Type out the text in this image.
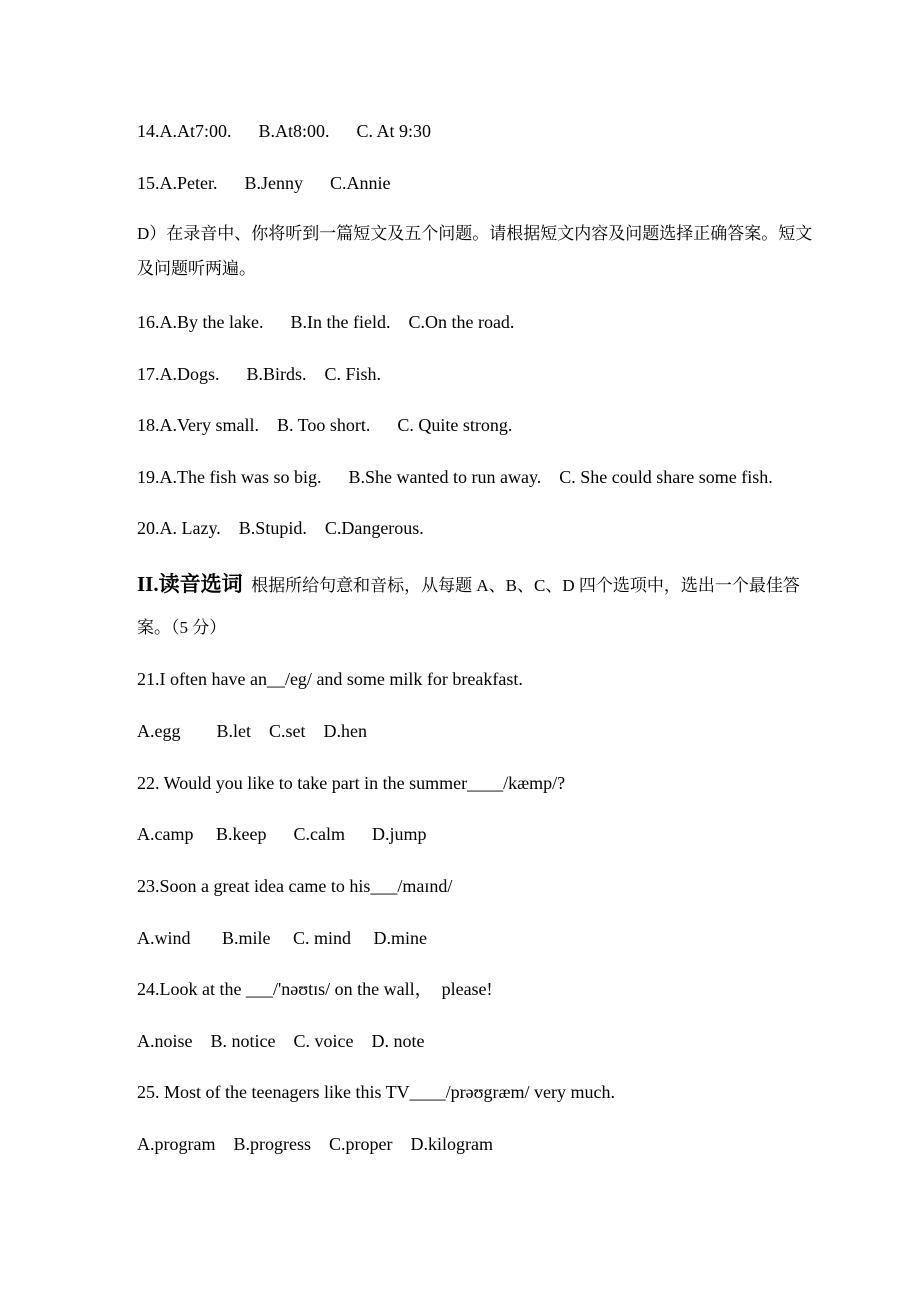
14.A.At7:00.      B.At8:00.      C. At 9:30
15.A.Peter.      B.Jenny      C.Annie
D）在录音中、你将听到一篇短文及五个问题。请根据短文内容及问题选择正确答案。短文
及问题听两遍。
16.A.By the lake.      B.In the field.    C.On the road.
17.A.Dogs.      B.Birds.    C. Fish.
18.A.Very small.    B. Too short.      C. Quite strong.
19.A.The fish was so big.      B.She wanted to run away.    C. She could share some fish.
20.A. Lazy.    B.Stupid.    C.Dangerous.
II.读音选词  根据所给句意和音标，从每题 A、B、C、D 四个选项中，选出一个最佳答
案。（5 分）
21.I often have an__/eg/ and some milk for breakfast.
A.egg        B.let    C.set    D.hen
22. Would you like to take part in the summer____/kæmp/?
A.camp     B.keep      C.calm      D.jump
23.Soon a great idea came to his___/maɪnd/
A.wind       B.mile     C. mind     D.mine
24.Look at the ___/'nəʊtɪs/ on the wall，  please!
A.noise    B. notice    C. voice    D. note
25. Most of the teenagers like this TV____/prəʊgræm/ very much.
A.program    B.progress    C.proper    D.kilogram
